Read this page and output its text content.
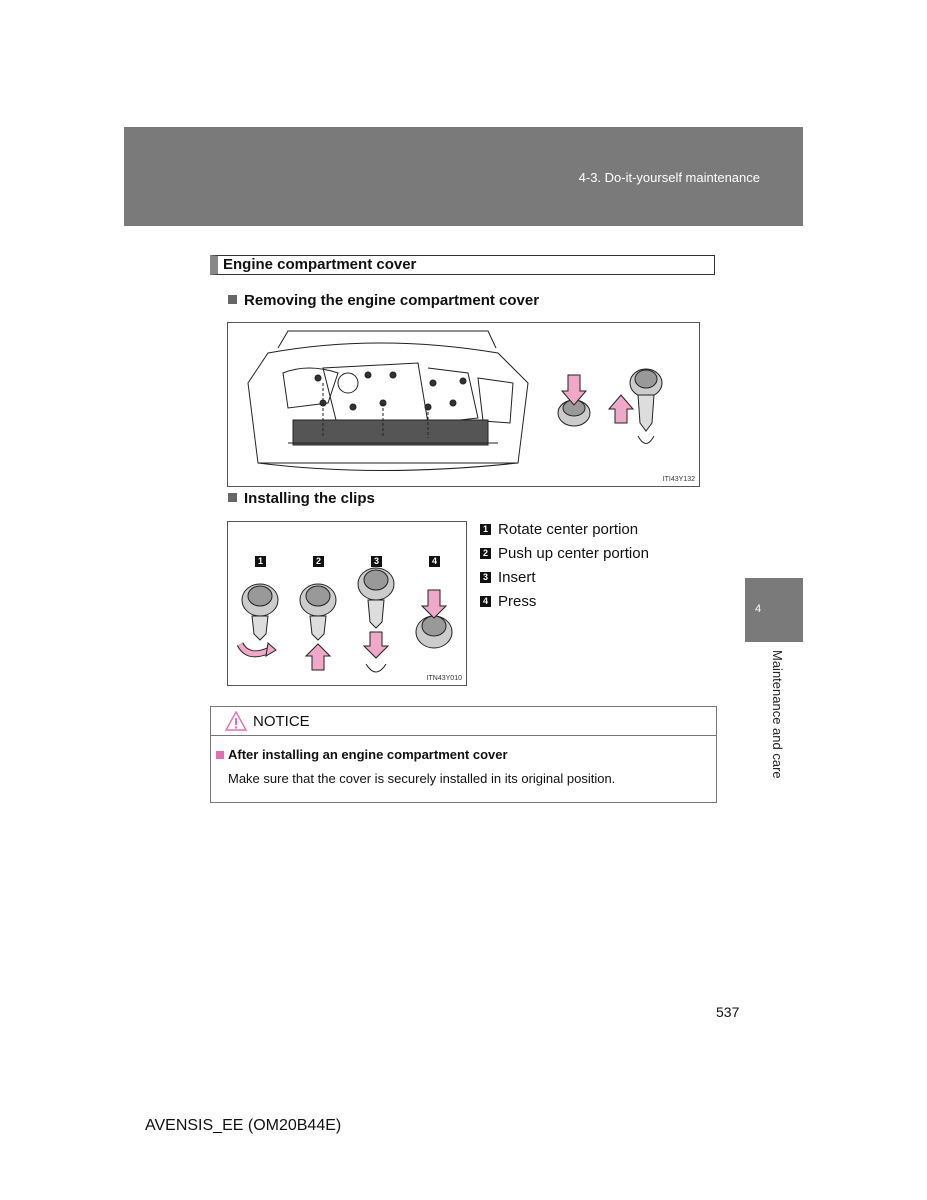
4-3. Do-it-yourself maintenance
4
Maintenance and care
Engine compartment cover
Removing the engine compartment cover
ITI43Y132
Installing the clips
1	2	3	4
ITN43Y010
1 Rotate center portion
2 Push up center portion
3 Insert
4 Press
NOTICE
After installing an engine compartment cover
Make sure that the cover is securely installed in its original position.
537
AVENSIS_EE (OM20B44E)
